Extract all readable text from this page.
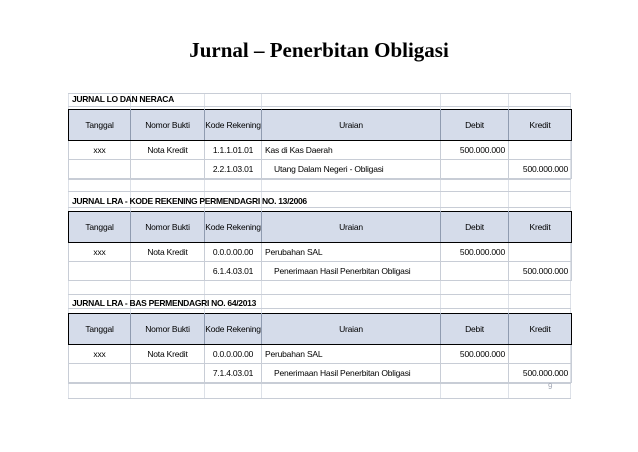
Jurnal – Penerbitan Obligasi
JURNAL LO DAN NERACA
Tanggal	Nomor Bukti	Kode Rekening	Uraian	Debit	Kredit
xxx	Nota Kredit	1.1.1.01.01	Kas di Kas Daerah	500.000.000	
		2.2.1.03.01	Utang Dalam Negeri - Obligasi		500.000.000
JURNAL LRA - KODE REKENING PERMENDAGRI NO. 13/2006
Tanggal	Nomor Bukti	Kode Rekening	Uraian	Debit	Kredit
xxx	Nota Kredit	0.0.0.00.00	Perubahan SAL	500.000.000	
		6.1.4.03.01	Penerimaan Hasil Penerbitan Obligasi		500.000.000
JURNAL LRA - BAS PERMENDAGRI NO. 64/2013
Tanggal	Nomor Bukti	Kode Rekening	Uraian	Debit	Kredit
xxx	Nota Kredit	0.0.0.00.00	Perubahan SAL	500.000.000	
		7.1.4.03.01	Penerimaan Hasil Penerbitan Obligasi		500.000.000
9
